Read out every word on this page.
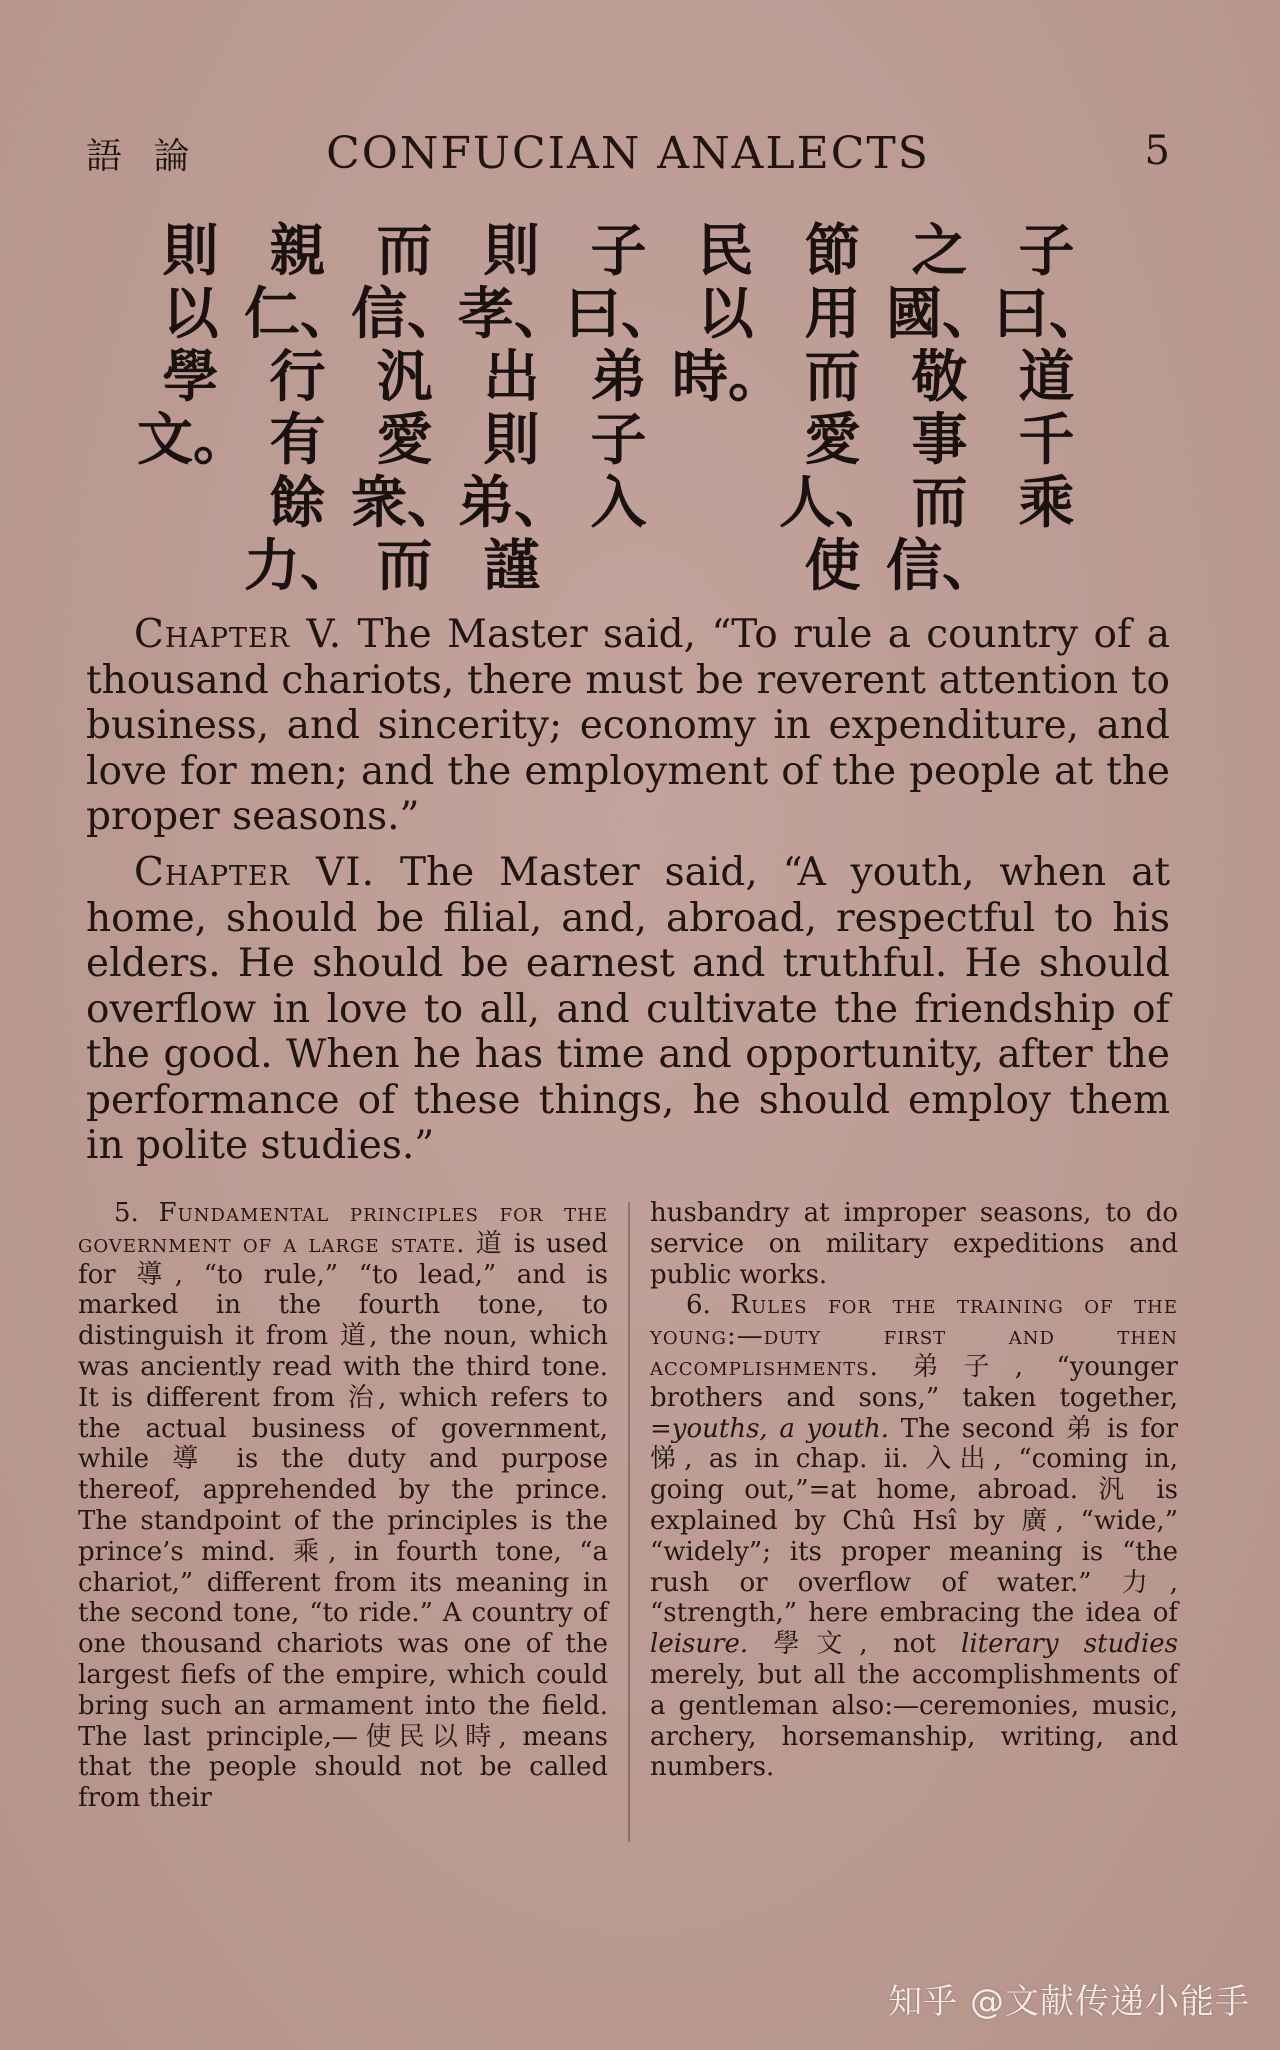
語 論	CONFUCIAN ANALECTS	5
子
曰、
道
千
乘
之
國、
敬
事
而
信、
節
用
而
愛
人、
使
民
以
時。
子
曰、
弟
子
入
則
孝、
出
則
弟、
謹
而
信、
汎
愛
衆、
而
親
仁、
行
有
餘
力、
則
以
學
文。

Chapter V. The Master said, “To rule a country of a thousand chariots, there must be reverent attention to business, and sincerity; economy in expenditure, and love for men; and the employment of the people at the proper seasons.”

Chapter VI. The Master said, “A youth, when at home, should be filial, and, abroad, respectful to his elders. He should be earnest and truthful. He should overflow in love to all, and cultivate the friendship of the good. When he has time and opportunity, after the performance of these things, he should employ them in polite studies.”

5. Fundamental principles for the government of a large state. 道 is used for 導, “to rule,” “to lead,” and is marked in the fourth tone, to distinguish it from 道, the noun, which was anciently read with the third tone. It is different from 治, which refers to the actual business of government, while 導 is the duty and purpose thereof, apprehended by the prince. The standpoint of the principles is the prince’s mind. 乘, in fourth tone, “a chariot,” different from its meaning in the second tone, “to ride.” A country of one thousand chariots was one of the largest fiefs of the empire, which could bring such an armament into the field. The last principle,—使民以時, means that the people should not be called from their

husbandry at improper seasons, to do service on military expeditions and public works.

6. Rules for the training of the young:—duty first and then accomplishments. 弟子, “younger brothers and sons,” taken together, =youths, a youth. The second 弟 is for 悌, as in chap. ii. 入出, “coming in, going out,”=at home, abroad. 汎 is explained by Chû Hsî by 廣, “wide,” “widely”; its proper meaning is “the rush or overflow of water.” 力, “strength,” here embracing the idea of leisure. 學文, not literary studies merely, but all the accomplishments of a gentleman also:—ceremonies, music, archery, horsemanship, writing, and numbers.

知乎 @文献传递小能手
